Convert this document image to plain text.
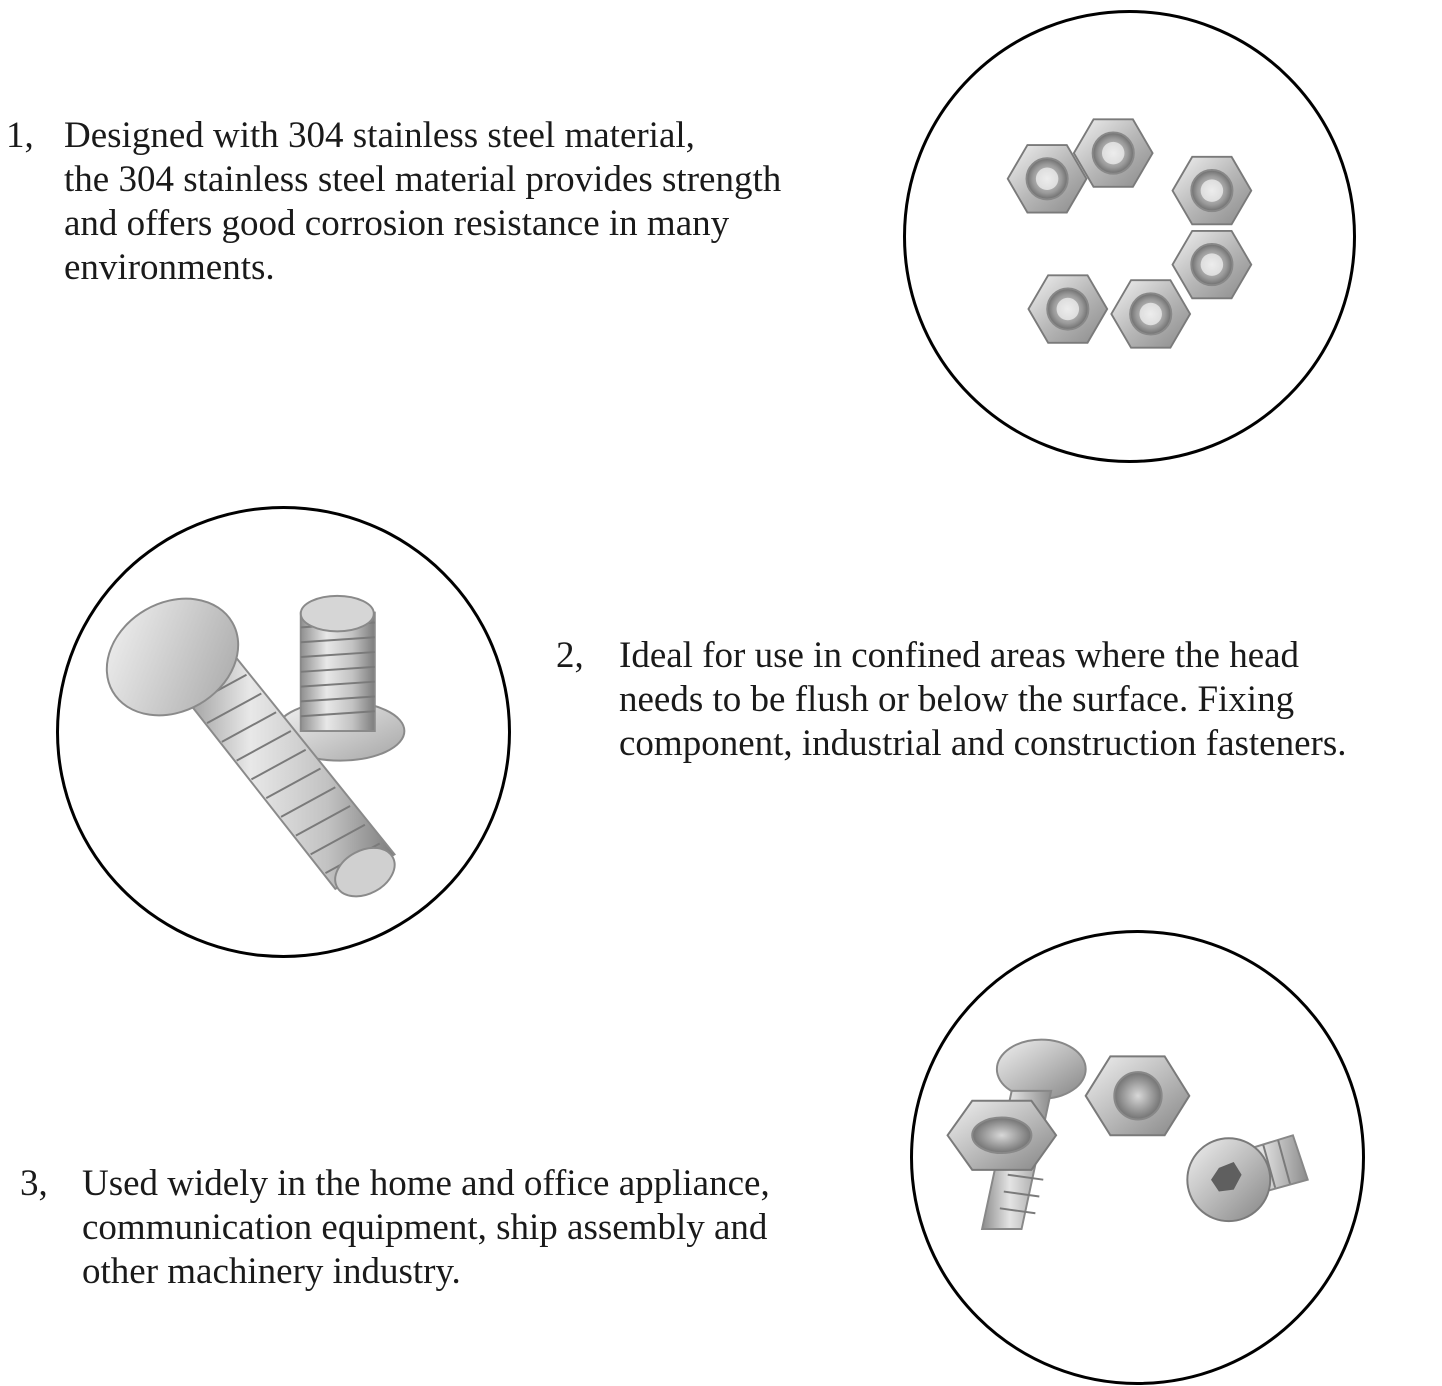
1, Designed with 304 stainless steel material,
the 304 stainless steel material provides strength
and offers good corrosion resistance in many
environments.
2, Ideal for use in confined areas where the head
needs to be flush or below the surface. Fixing
component, industrial and construction fasteners.
3, Used widely in the home and office appliance,
communication equipment, ship assembly and
other machinery industry.
